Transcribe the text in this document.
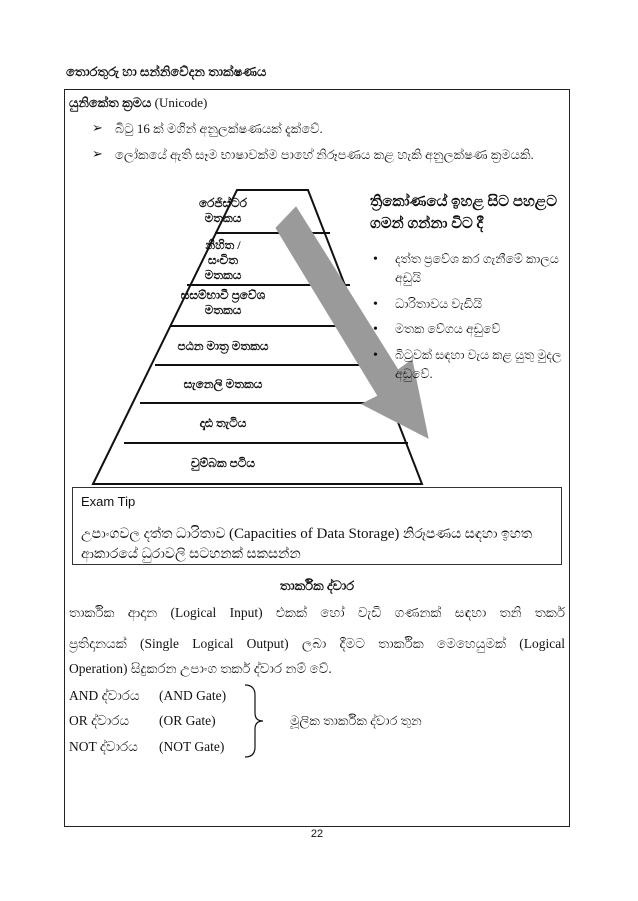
තොරතුරු හා සන්නිවේදන තාක්ෂණය
යුනිකේත ක්‍රමය (Unicode)
➢ බිටු 16 ක් මගින් අනුලක්ෂණයක් දැක්වේ.
➢ ලෝකයේ ඇති සෑම භාෂාවක්ම පාහේ නිරූපණය කළ හැකි අනුලක්ෂණ ක්‍රමයකි.
රෙජිස්ටර මතකය
නිහිත / සංචිත මතකය
සසම්භාවී ප්‍රවේශ මතකය
පඨන මාත්‍ර මතකය
සැනෙලි මතකය
දෘඪ තැටිය
චුම්බක පටිය
ත්‍රිකෝණයේ ඉහළ සිට පහළට ගමන් ගන්නා විට දී
• දත්ත ප්‍රවේශ කර ගැනීමේ කාලය අඩුයි
• ධාරිතාවය වැඩියි
• මතක වේගය අඩුවේ
• බිටුවක් සඳහා වැය කළ යුතු මුදල අඩුවේ.
Exam Tip
උපාංගවල දත්ත ධාරිතාව (Capacities of Data Storage) නිරූපණය සඳහා ඉහත ආකාරයේ ධුරාවලි සටහනක් සකසන්න
තාර්කික ද්වාර
තාර්කික ආදාන (Logical Input) එකක් හෝ වැඩි ගණනක් සඳහා තනි තර්ක
ප්‍රතිදානයක් (Single Logical Output) ලබා දීමට තාර්කික මෙහෙයුමක් (Logical
Operation) සිදුකරන උපාංග තර්ක ද්වාර නම් වේ.
AND ද්වාරය (AND Gate)
OR ද්වාරය (OR Gate)
NOT ද්වාරය (NOT Gate)
මූලික තාර්කික ද්වාර තුන
22
